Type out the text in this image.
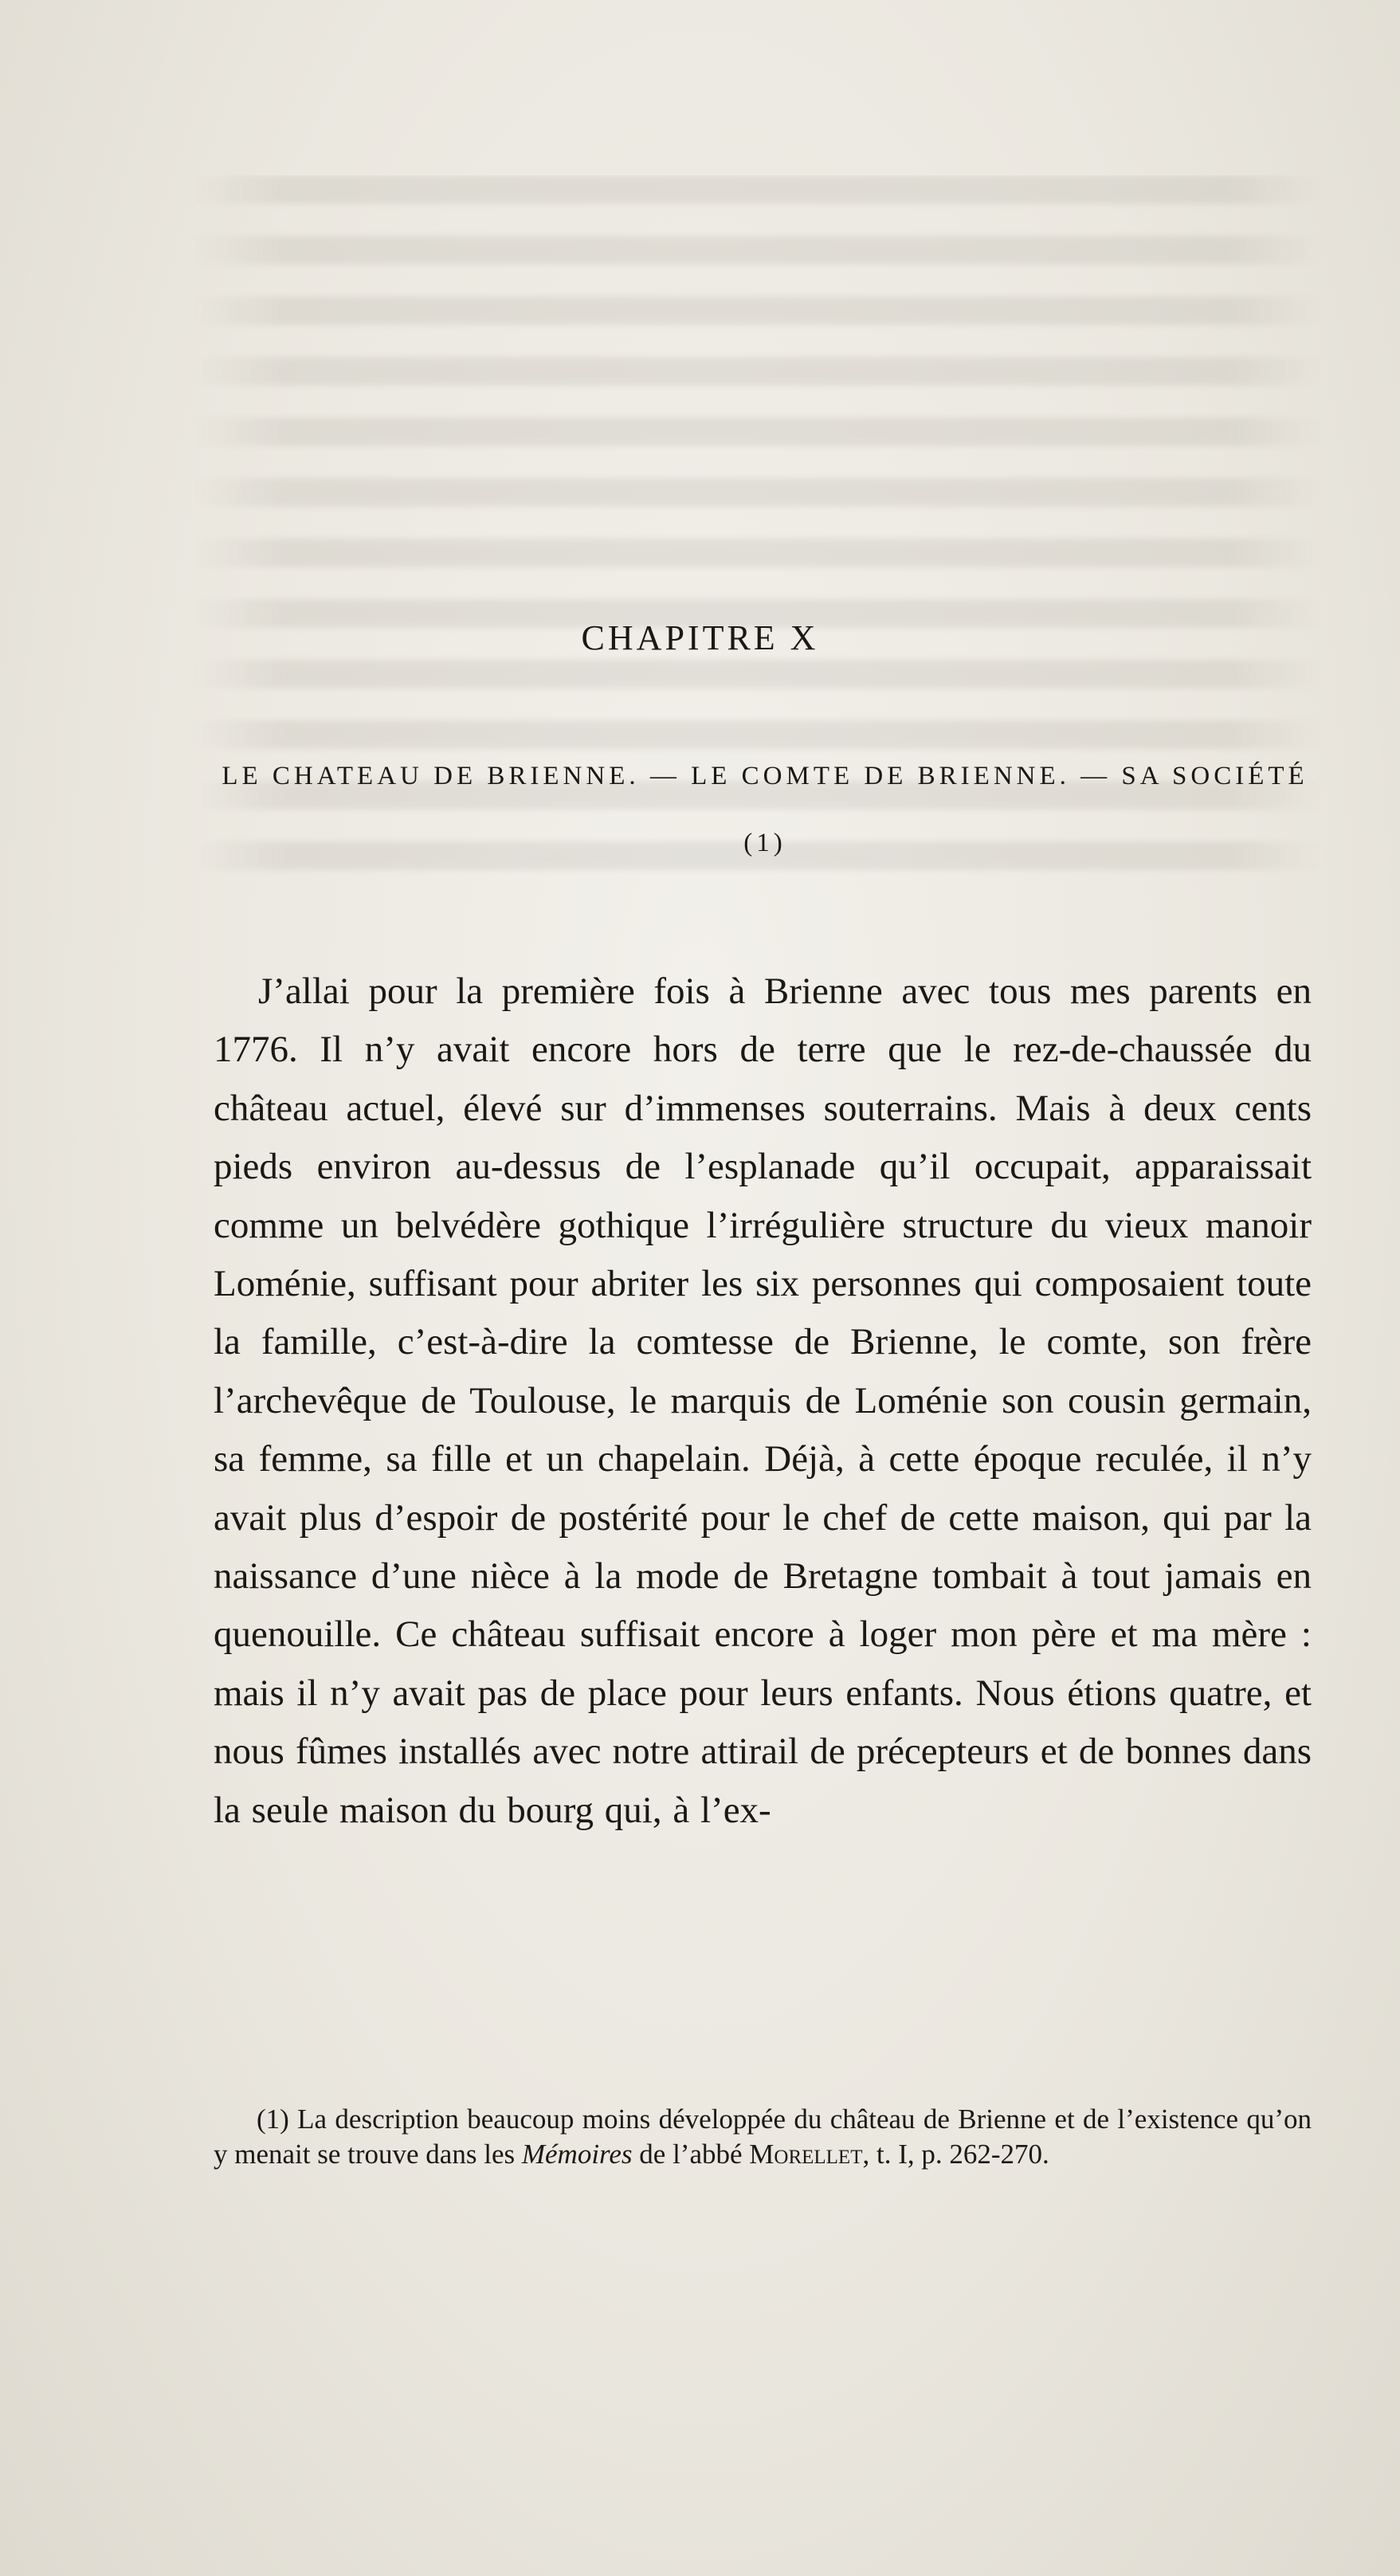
CHAPITRE X
LE CHATEAU DE BRIENNE. — LE COMTE DE BRIENNE. — SA SOCIÉTÉ (1)

J’allai pour la première fois à Brienne avec tous mes parents en 1776. Il n’y avait encore hors de terre que le rez-de-chaussée du château actuel, élevé sur d’immenses souterrains. Mais à deux cents pieds environ au-dessus de l’esplanade qu’il occupait, apparaissait comme un belvédère gothique l’irrégulière structure du vieux manoir Loménie, suffisant pour abriter les six personnes qui composaient toute la famille, c’est-à-dire la comtesse de Brienne, le comte, son frère l’archevêque de Toulouse, le marquis de Loménie son cousin germain, sa femme, sa fille et un chapelain. Déjà, à cette époque reculée, il n’y avait plus d’espoir de postérité pour le chef de cette maison, qui par la naissance d’une nièce à la mode de Bretagne tombait à tout jamais en quenouille. Ce château suffisait encore à loger mon père et ma mère : mais il n’y avait pas de place pour leurs enfants. Nous étions quatre, et nous fûmes installés avec notre attirail de précepteurs et de bonnes dans la seule maison du bourg qui, à l’ex-

(1) La description beaucoup moins développée du château de Brienne et de l’existence qu’on y menait se trouve dans les Mémoires de l’abbé Morellet, t. I, p. 262-270.
